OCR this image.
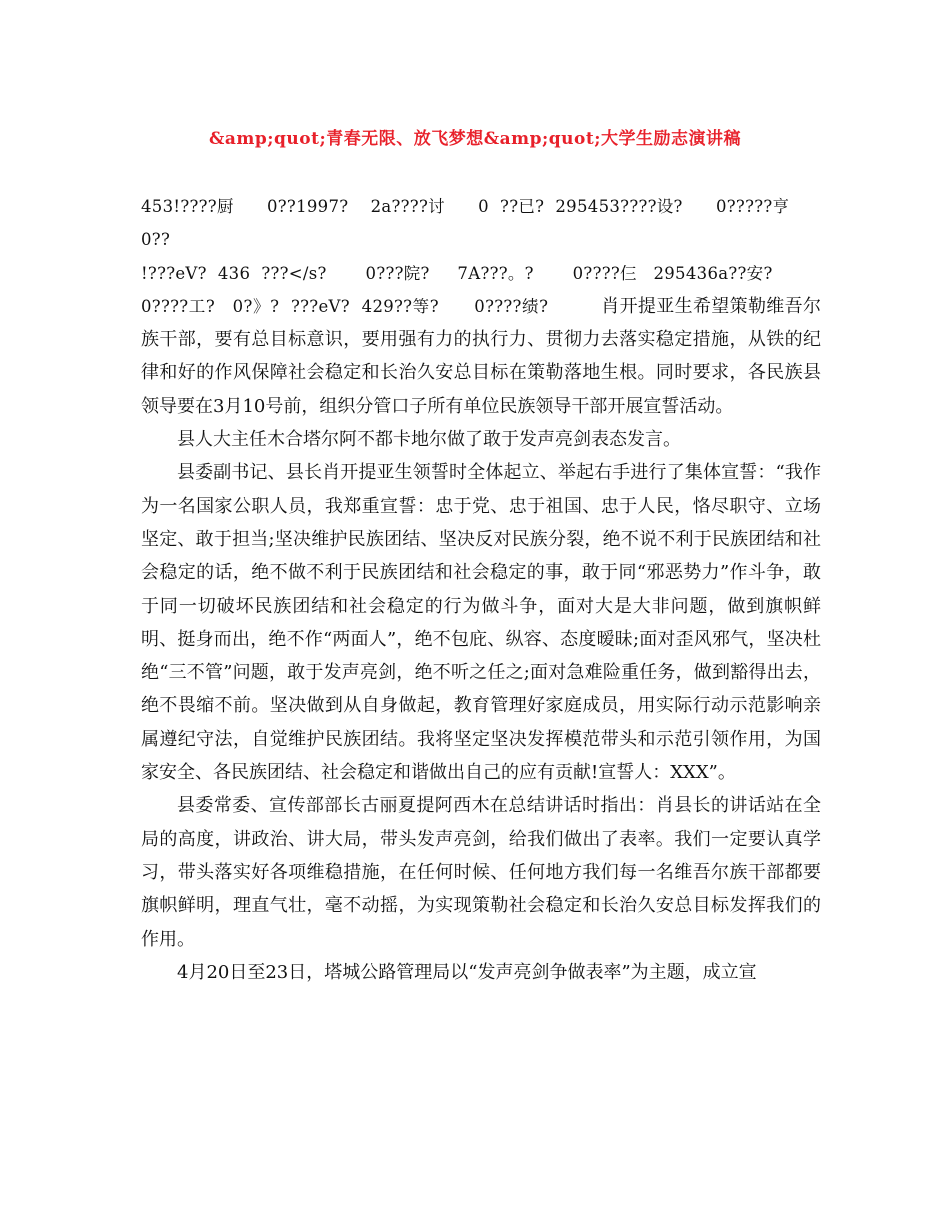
&amp;quot;青春无限、放飞梦想&amp;quot;大学生励志演讲稿

453!????厨      0??1997?    2a????讨      0  ??已?  295453????设?      0?????亨

0??

!???eV?  436  ???</s?       0???院?     7A???。?       0????仨   295436a??安?

0????工?   0?》?  ???eV?  429??等?      0????绩?         肖开提亚生希望策勒维吾尔族干部，要有总目标意识，要用强有力的执行力、贯彻力去落实稳定措施，从铁的纪律和好的作风保障社会稳定和长治久安总目标在策勒落地生根。同时要求，各民族县领导要在3月10号前，组织分管口子所有单位民族领导干部开展宣誓活动。

县人大主任木合塔尔阿不都卡地尔做了敢于发声亮剑表态发言。

县委副书记、县长肖开提亚生领誓时全体起立、举起右手进行了集体宣誓：“我作为一名国家公职人员，我郑重宣誓：忠于党、忠于祖国、忠于人民，恪尽职守、立场坚定、敢于担当;坚决维护民族团结、坚决反对民族分裂，绝不说不利于民族团结和社会稳定的话，绝不做不利于民族团结和社会稳定的事，敢于同“邪恶势力”作斗争，敢于同一切破坏民族团结和社会稳定的行为做斗争，面对大是大非问题，做到旗帜鲜明、挺身而出，绝不作“两面人”，绝不包庇、纵容、态度暧昧;面对歪风邪气，坚决杜绝“三不管”问题，敢于发声亮剑，绝不听之任之;面对急难险重任务，做到豁得出去，绝不畏缩不前。坚决做到从自身做起，教育管理好家庭成员，用实际行动示范影响亲属遵纪守法，自觉维护民族团结。我将坚定坚决发挥模范带头和示范引领作用，为国家安全、各民族团结、社会稳定和谐做出自己的应有贡献!宣誓人：XXX”。

县委常委、宣传部部长古丽夏提阿西木在总结讲话时指出：肖县长的讲话站在全局的高度，讲政治、讲大局，带头发声亮剑，给我们做出了表率。我们一定要认真学习，带头落实好各项维稳措施，在任何时候、任何地方我们每一名维吾尔族干部都要旗帜鲜明，理直气壮，毫不动摇，为实现策勒社会稳定和长治久安总目标发挥我们的作用。

4月20日至23日，塔城公路管理局以“发声亮剑争做表率”为主题，成立宣
